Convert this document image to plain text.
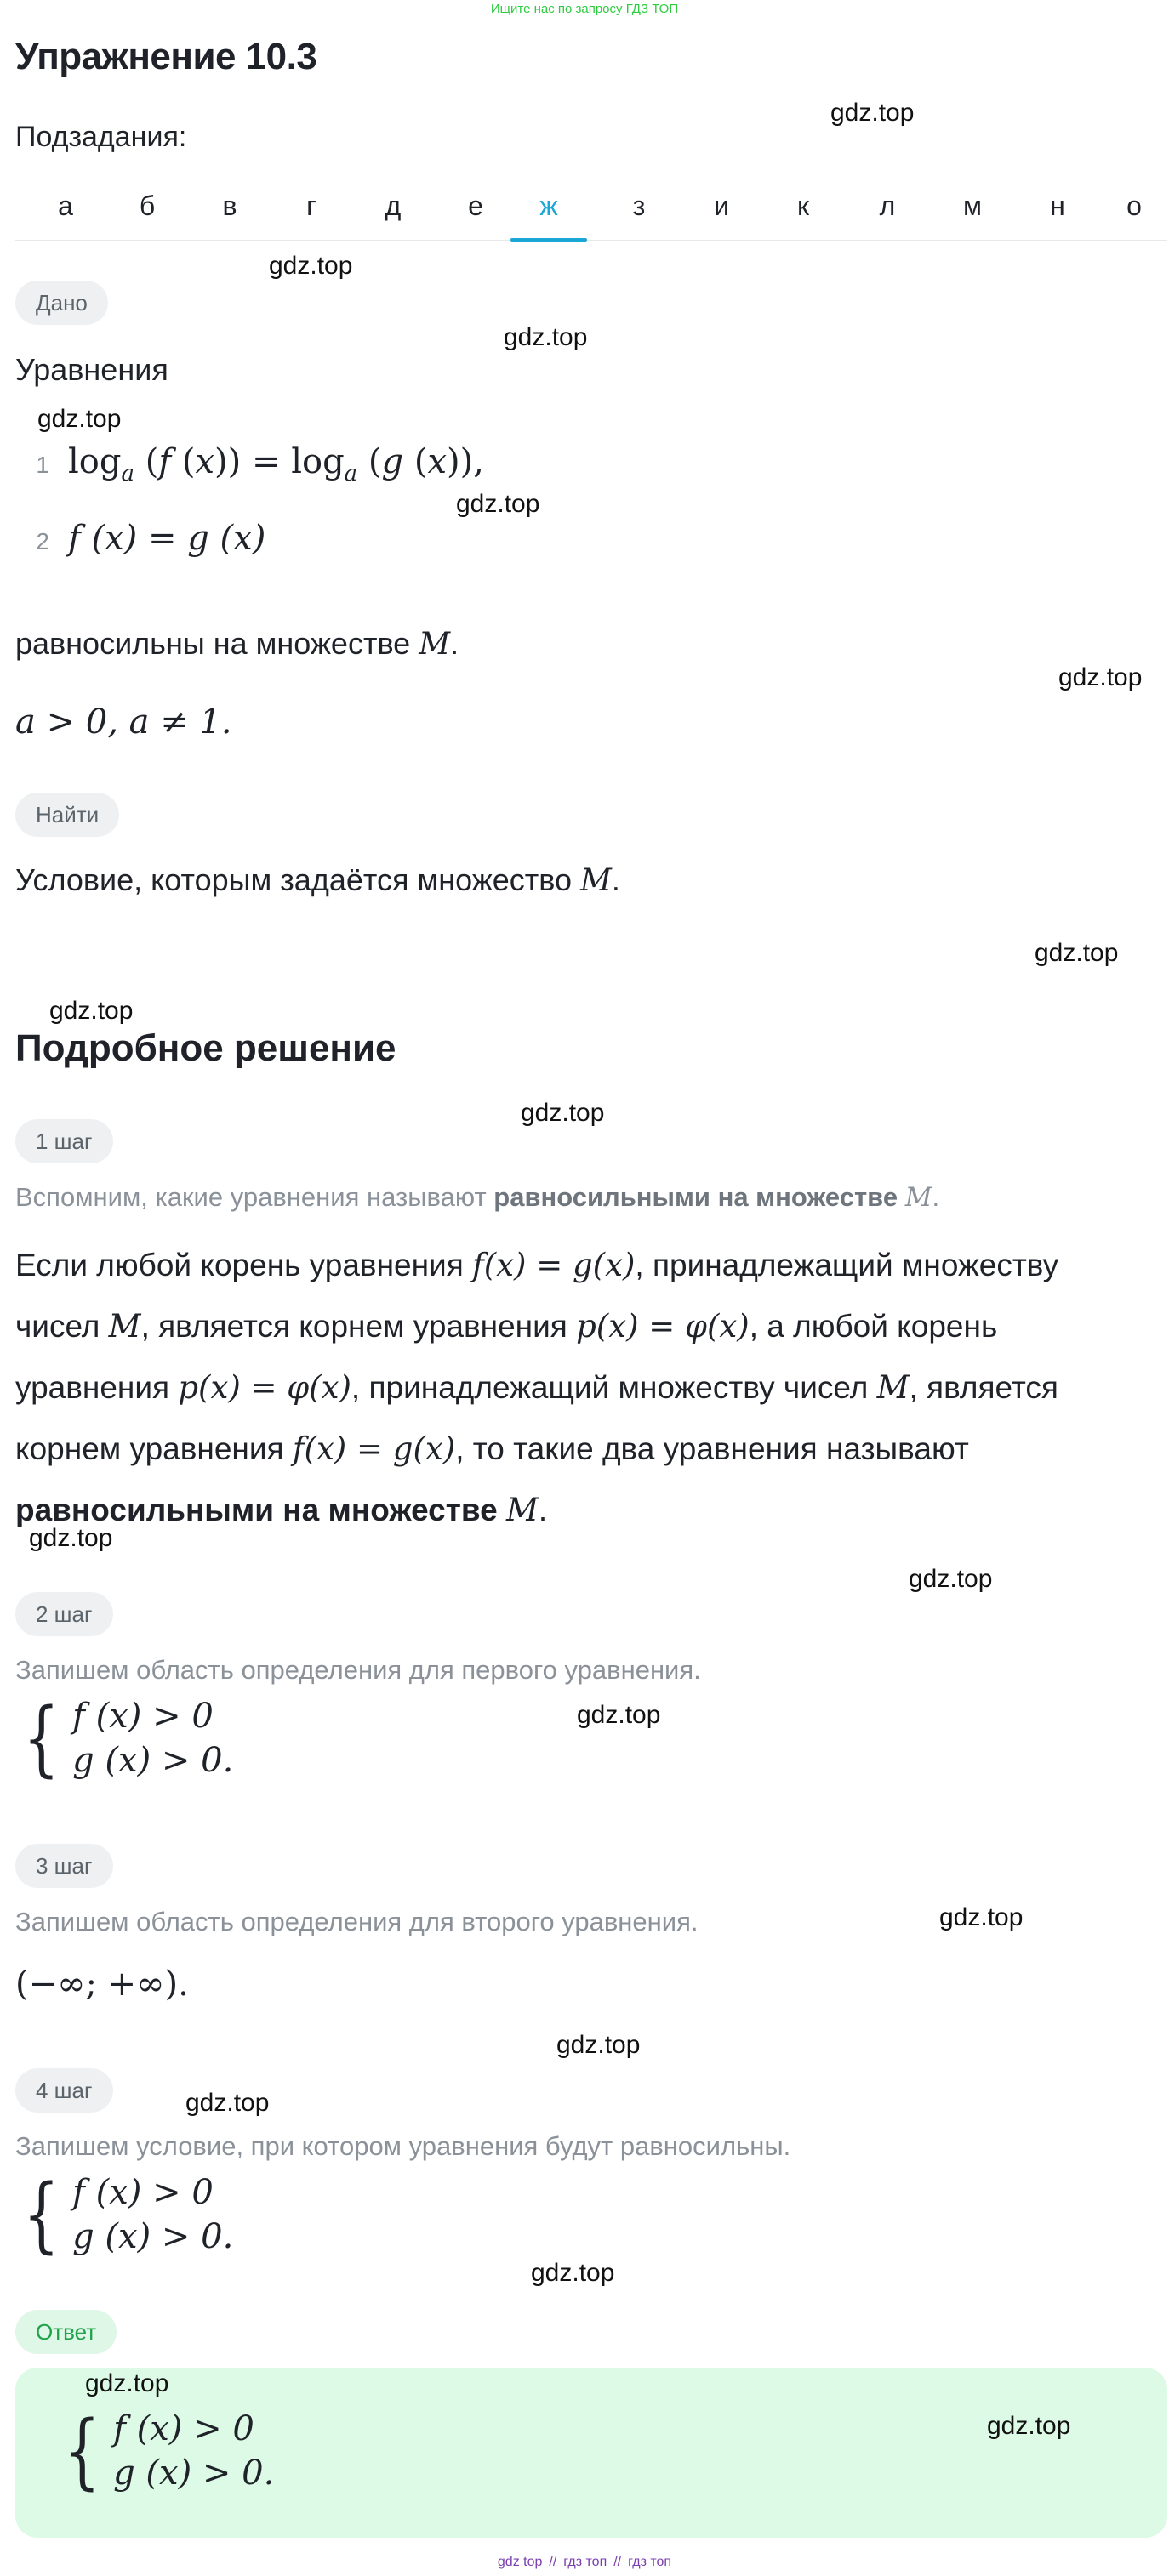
Ищите нас по запросу ГДЗ ТОП
Упражнение 10.3
Подзадания:
а	б	в	г	д	е	ж	з	и	к	л	м	н	о
Дано
Уравнения
1 $\log_a (f$ $(x)) = \log_a (g$ (x)),
2 f (x) = g (x)
равносильны на множестве M.
a > 0, a ≠ 1.
Найти
Условие, которым задаётся множество M.
Подробное решение
1 шаг
Вспомним, какие уравнения называют равносильными на множестве M.
Если любой корень уравнения f(x) = g(x), принадлежащий множеству
чисел M, является корнем уравнения p(x) = φ(x), а любой корень
уравнения p(x) = φ(x), принадлежащий множеству чисел M, является
корнем уравнения f(x) = g(x), то такие два уравнения называют
равносильными на множестве M.
2 шаг
Запишем область определения для первого уравнения.
{ f (x) > 0
g (x) > 0.
3 шаг
Запишем область определения для второго уравнения.
(−∞; +∞).
4 шаг
Запишем условие, при котором уравнения будут равносильны.
{ f (x) > 0
g (x) > 0.
Ответ
{ f (x) > 0
g (x) > 0.
gdz.top
gdz.top
gdz.top
gdz.top
gdz.top
gdz.top
gdz.top
gdz.top
gdz.top
gdz.top
gdz.top
gdz.top
gdz.top
gdz.top
gdz.top
gdz.top
gdz.top
gdz.top
gdz top // гдз топ // гдз топ
